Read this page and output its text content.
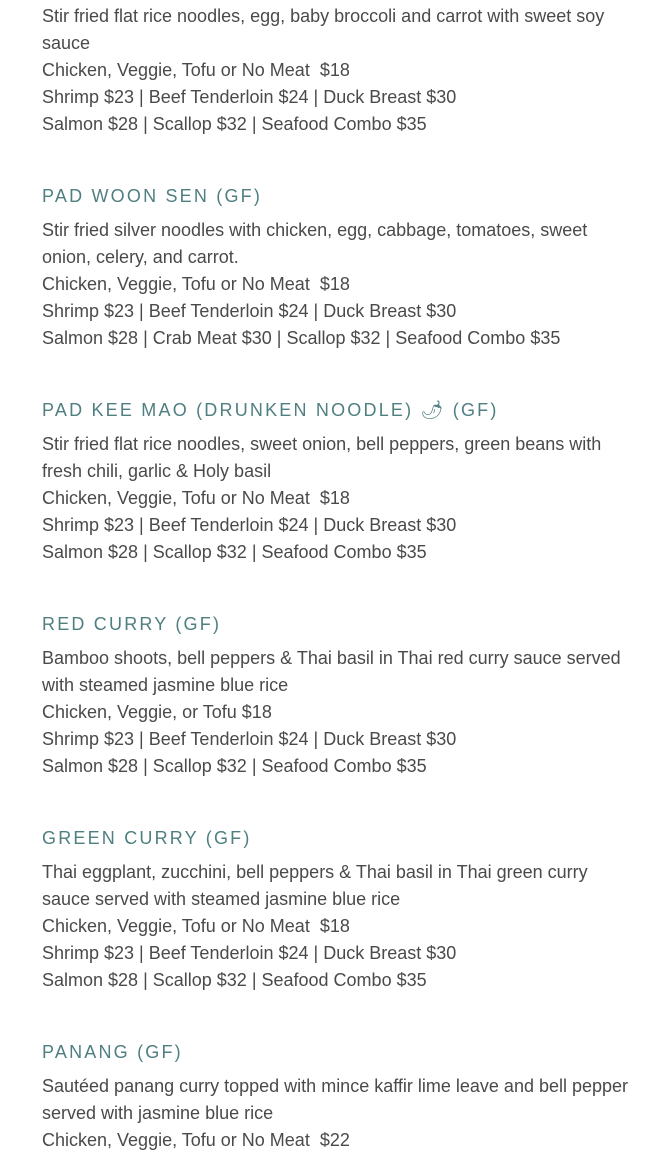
Stir fried flat rice noodles, egg, baby broccoli and carrot with sweet soy sauce

Chicken, Veggie, Tofu or No Meat  $18

Shrimp $23 | Beef Tenderloin $24 | Duck Breast $30

Salmon $28 | Scallop $32 | Seafood Combo $35

PAD WOON SEN (GF)

Stir fried silver noodles with chicken, egg, cabbage, tomatoes, sweet onion, celery, and carrot.

Chicken, Veggie, Tofu or No Meat  $18

Shrimp $23 | Beef Tenderloin $24 | Duck Breast $30

Salmon $28 | Crab Meat $30 | Scallop $32 | Seafood Combo $35

PAD KEE MAO (DRUNKEN NOODLE) 🌶 (GF)

Stir fried flat rice noodles, sweet onion, bell peppers, green beans with fresh chili, garlic & Holy basil

Chicken, Veggie, Tofu or No Meat  $18

Shrimp $23 | Beef Tenderloin $24 | Duck Breast $30

Salmon $28 | Scallop $32 | Seafood Combo $35

RED CURRY (GF)

Bamboo shoots, bell peppers & Thai basil in Thai red curry sauce served with steamed jasmine blue rice

Chicken, Veggie, or Tofu $18

Shrimp $23 | Beef Tenderloin $24 | Duck Breast $30

Salmon $28 | Scallop $32 | Seafood Combo $35

GREEN CURRY (GF)

Thai eggplant, zucchini, bell peppers & Thai basil in Thai green curry sauce served with steamed jasmine blue rice

Chicken, Veggie, Tofu or No Meat  $18

Shrimp $23 | Beef Tenderloin $24 | Duck Breast $30

Salmon $28 | Scallop $32 | Seafood Combo $35

PANANG (GF)

Sautéed panang curry topped with mince kaffir lime leave and bell pepper served with jasmine blue rice

Chicken, Veggie, Tofu or No Meat  $22
